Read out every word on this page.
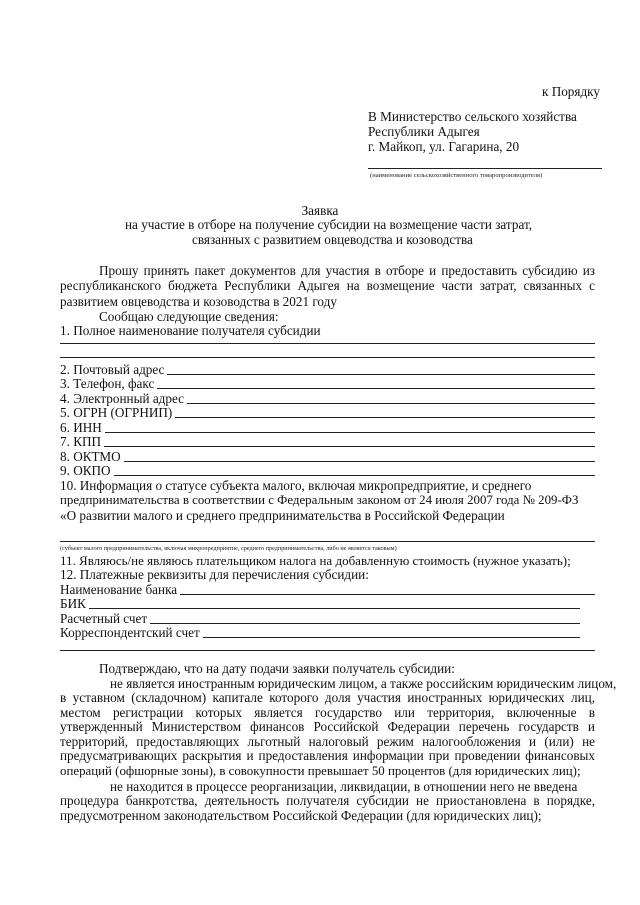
к Порядку
В Министерство сельского хозяйства
Республики Адыгея
г. Майкоп, ул. Гагарина, 20
(наименование сельскохозяйственного товаропроизводителя)
Заявка
на участие в отборе на получение субсидии на возмещение части затрат,
связанных с развитием овцеводства и козоводства
Прошу принять пакет документов для участия в отборе и предоставить субсидию из
республиканского бюджета Республики Адыгея на возмещение части затрат, связанных с
развитием овцеводства и козоводства в 2021 году
Сообщаю следующие сведения:
1. Полное наименование получателя субсидии
2. Почтовый адрес
3. Телефон, факс
4. Электронный адрес
5. ОГРН (ОГРНИП)
6. ИНН
7. КПП
8. ОКТМО
9. ОКПО
10. Информация о статусе субъекта малого, включая микропредприятие, и среднего
предпринимательства в соответствии с Федеральным законом от 24 июля 2007 года № 209-ФЗ
«О развитии малого и среднего предпринимательства в Российской Федерации
(субъект малого предпринимательства, включая микропредприятие, среднего предпринимательства, либо не является таковым)
11. Являюсь/не являюсь плательщиком налога на добавленную стоимость (нужное указать);
12. Платежные реквизиты для перечисления субсидии:
Наименование банка
БИК
Расчетный счет
Корреспондентский счет
Подтверждаю, что на дату подачи заявки получатель субсидии:
не является иностранным юридическим лицом, а также российским юридическим лицом,
в уставном (складочном) капитале которого доля участия иностранных юридических лиц,
местом регистрации которых является государство или территория, включенные в
утвержденный Министерством финансов Российской Федерации перечень государств и
территорий, предоставляющих льготный налоговый режим налогообложения и (или) не
предусматривающих раскрытия и предоставления информации при проведении финансовых
операций (офшорные зоны), в совокупности превышает 50 процентов (для юридических лиц);
не находится в процессе реорганизации, ликвидации, в отношении него не введена
процедура банкротства, деятельность получателя субсидии не приостановлена в порядке,
предусмотренном законодательством Российской Федерации (для юридических лиц);
